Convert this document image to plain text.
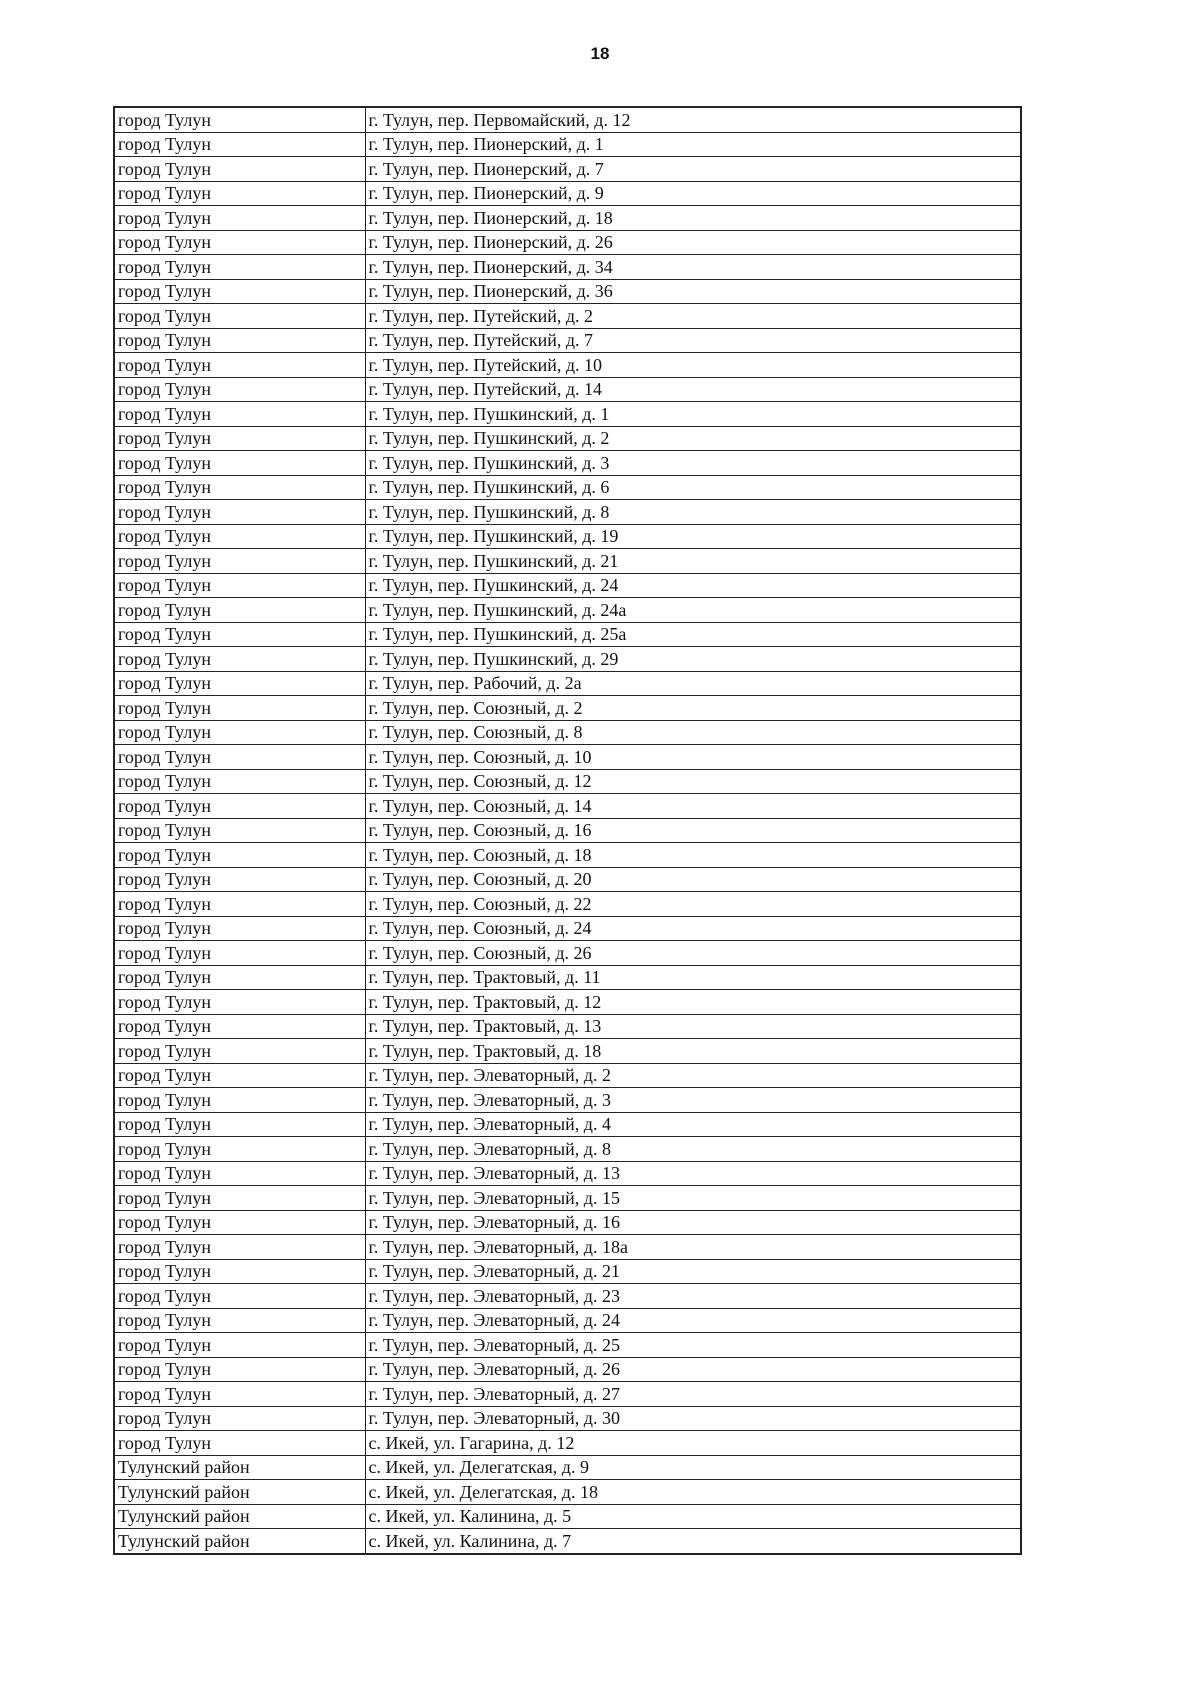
18
город Тулун	г. Тулун, пер. Первомайский, д. 12
город Тулун	г. Тулун, пер. Пионерский, д. 1
город Тулун	г. Тулун, пер. Пионерский, д. 7
город Тулун	г. Тулун, пер. Пионерский, д. 9
город Тулун	г. Тулун, пер. Пионерский, д. 18
город Тулун	г. Тулун, пер. Пионерский, д. 26
город Тулун	г. Тулун, пер. Пионерский, д. 34
город Тулун	г. Тулун, пер. Пионерский, д. 36
город Тулун	г. Тулун, пер. Путейский, д. 2
город Тулун	г. Тулун, пер. Путейский, д. 7
город Тулун	г. Тулун, пер. Путейский, д. 10
город Тулун	г. Тулун, пер. Путейский, д. 14
город Тулун	г. Тулун, пер. Пушкинский, д. 1
город Тулун	г. Тулун, пер. Пушкинский, д. 2
город Тулун	г. Тулун, пер. Пушкинский, д. 3
город Тулун	г. Тулун, пер. Пушкинский, д. 6
город Тулун	г. Тулун, пер. Пушкинский, д. 8
город Тулун	г. Тулун, пер. Пушкинский, д. 19
город Тулун	г. Тулун, пер. Пушкинский, д. 21
город Тулун	г. Тулун, пер. Пушкинский, д. 24
город Тулун	г. Тулун, пер. Пушкинский, д. 24а
город Тулун	г. Тулун, пер. Пушкинский, д. 25а
город Тулун	г. Тулун, пер. Пушкинский, д. 29
город Тулун	г. Тулун, пер. Рабочий, д. 2а
город Тулун	г. Тулун, пер. Союзный, д. 2
город Тулун	г. Тулун, пер. Союзный, д. 8
город Тулун	г. Тулун, пер. Союзный, д. 10
город Тулун	г. Тулун, пер. Союзный, д. 12
город Тулун	г. Тулун, пер. Союзный, д. 14
город Тулун	г. Тулун, пер. Союзный, д. 16
город Тулун	г. Тулун, пер. Союзный, д. 18
город Тулун	г. Тулун, пер. Союзный, д. 20
город Тулун	г. Тулун, пер. Союзный, д. 22
город Тулун	г. Тулун, пер. Союзный, д. 24
город Тулун	г. Тулун, пер. Союзный, д. 26
город Тулун	г. Тулун, пер. Трактовый, д. 11
город Тулун	г. Тулун, пер. Трактовый, д. 12
город Тулун	г. Тулун, пер. Трактовый, д. 13
город Тулун	г. Тулун, пер. Трактовый, д. 18
город Тулун	г. Тулун, пер. Элеваторный, д. 2
город Тулун	г. Тулун, пер. Элеваторный, д. 3
город Тулун	г. Тулун, пер. Элеваторный, д. 4
город Тулун	г. Тулун, пер. Элеваторный, д. 8
город Тулун	г. Тулун, пер. Элеваторный, д. 13
город Тулун	г. Тулун, пер. Элеваторный, д. 15
город Тулун	г. Тулун, пер. Элеваторный, д. 16
город Тулун	г. Тулун, пер. Элеваторный, д. 18а
город Тулун	г. Тулун, пер. Элеваторный, д. 21
город Тулун	г. Тулун, пер. Элеваторный, д. 23
город Тулун	г. Тулун, пер. Элеваторный, д. 24
город Тулун	г. Тулун, пер. Элеваторный, д. 25
город Тулун	г. Тулун, пер. Элеваторный, д. 26
город Тулун	г. Тулун, пер. Элеваторный, д. 27
город Тулун	г. Тулун, пер. Элеваторный, д. 30
город Тулун	с. Икей, ул. Гагарина, д. 12
Тулунский район	с. Икей, ул. Делегатская, д. 9
Тулунский район	с. Икей, ул. Делегатская, д. 18
Тулунский район	с. Икей, ул. Калинина, д. 5
Тулунский район	с. Икей, ул. Калинина, д. 7
